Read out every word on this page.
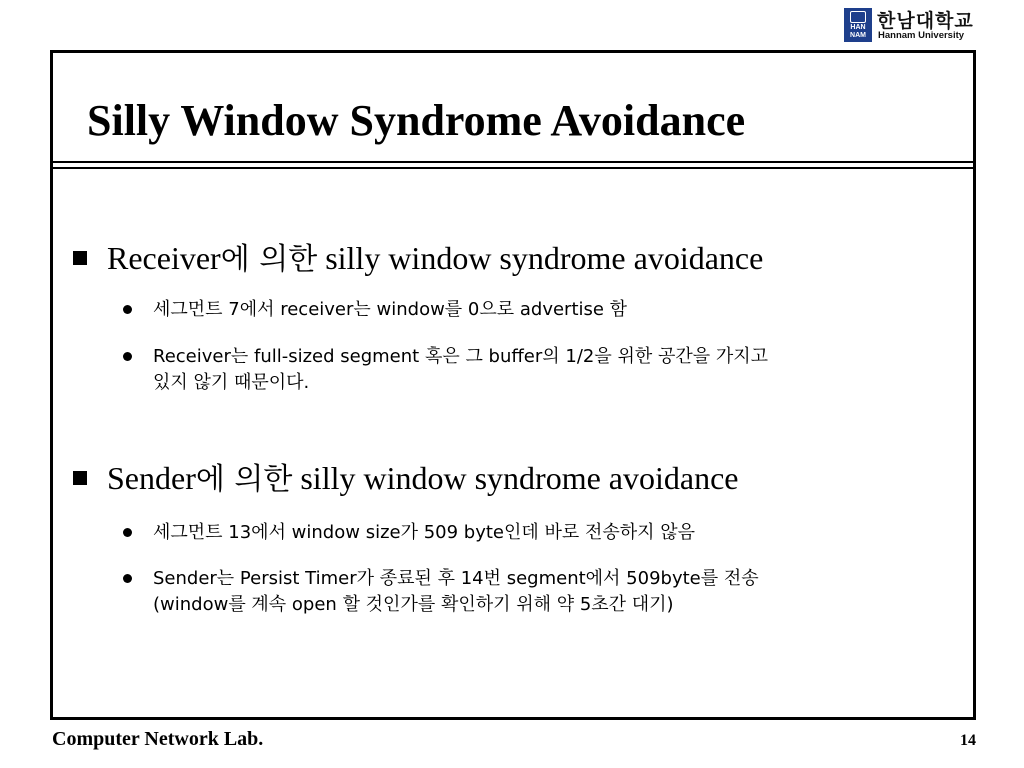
HAN NAM
한남대학교
Hannam University
Silly Window Syndrome Avoidance
Receiver에 의한 silly window syndrome avoidance
세그먼트 7에서 receiver는 window를 0으로 advertise 함
Receiver는 full-sized segment 혹은 그 buffer의 1/2을 위한 공간을 가지고
있지 않기 때문이다.
Sender에 의한 silly window syndrome avoidance
세그먼트 13에서 window size가 509 byte인데 바로 전송하지 않음
Sender는 Persist Timer가 종료된 후 14번 segment에서 509byte를 전송
(window를 계속 open 할 것인가를 확인하기 위해 약 5초간 대기)
Computer Network Lab.	14
